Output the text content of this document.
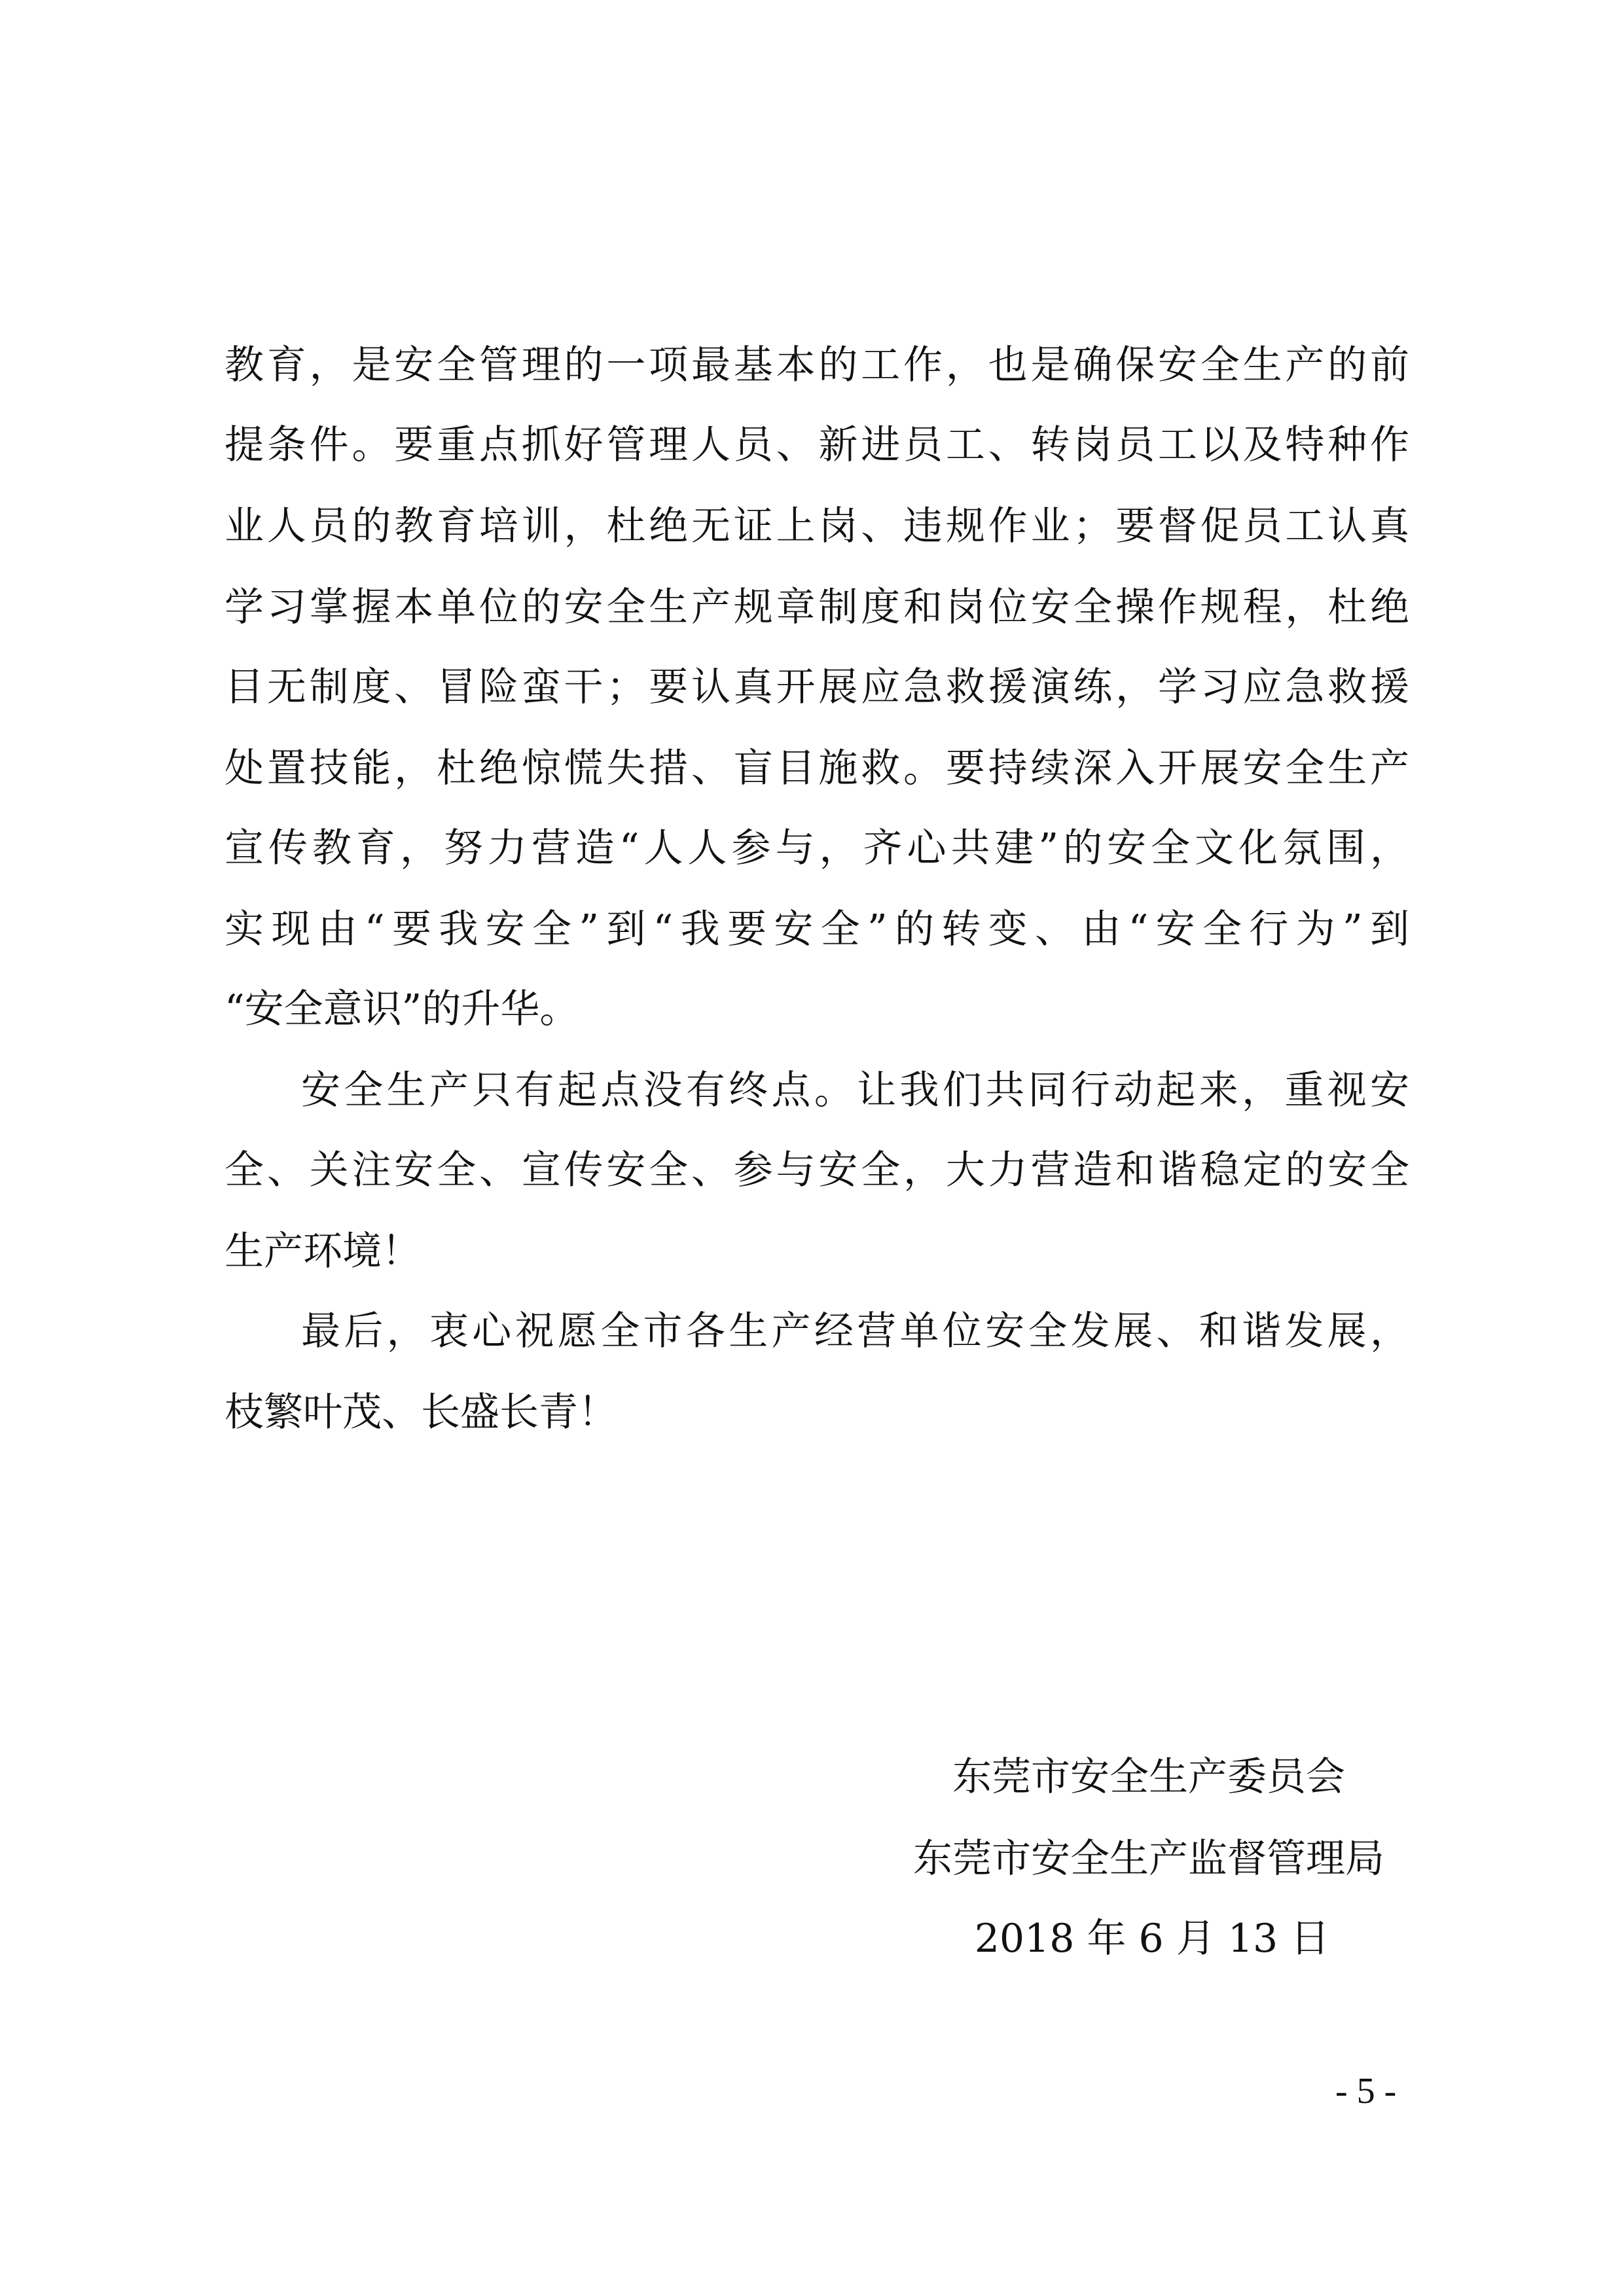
教育，是安全管理的一项最基本的工作，也是确保安全生产的前

提条件。要重点抓好管理人员、新进员工、转岗员工以及特种作

业人员的教育培训，杜绝无证上岗、违规作业；要督促员工认真

学习掌握本单位的安全生产规章制度和岗位安全操作规程，杜绝

目无制度、冒险蛮干；要认真开展应急救援演练，学习应急救援

处置技能，杜绝惊慌失措、盲目施救。要持续深入开展安全生产

宣传教育，努力营造“人人参与，齐心共建”的安全文化氛围，

实现由“要我安全”到“我要安全”的转变、由“安全行为”到

“安全意识”的升华。

安全生产只有起点没有终点。让我们共同行动起来，重视安

全、关注安全、宣传安全、参与安全，大力营造和谐稳定的安全

生产环境！

最后，衷心祝愿全市各生产经营单位安全发展、和谐发展，

枝繁叶茂、长盛长青！

东莞市安全生产委员会

东莞市安全生产监督管理局

2018 年 6 月 13 日

- 5 -
